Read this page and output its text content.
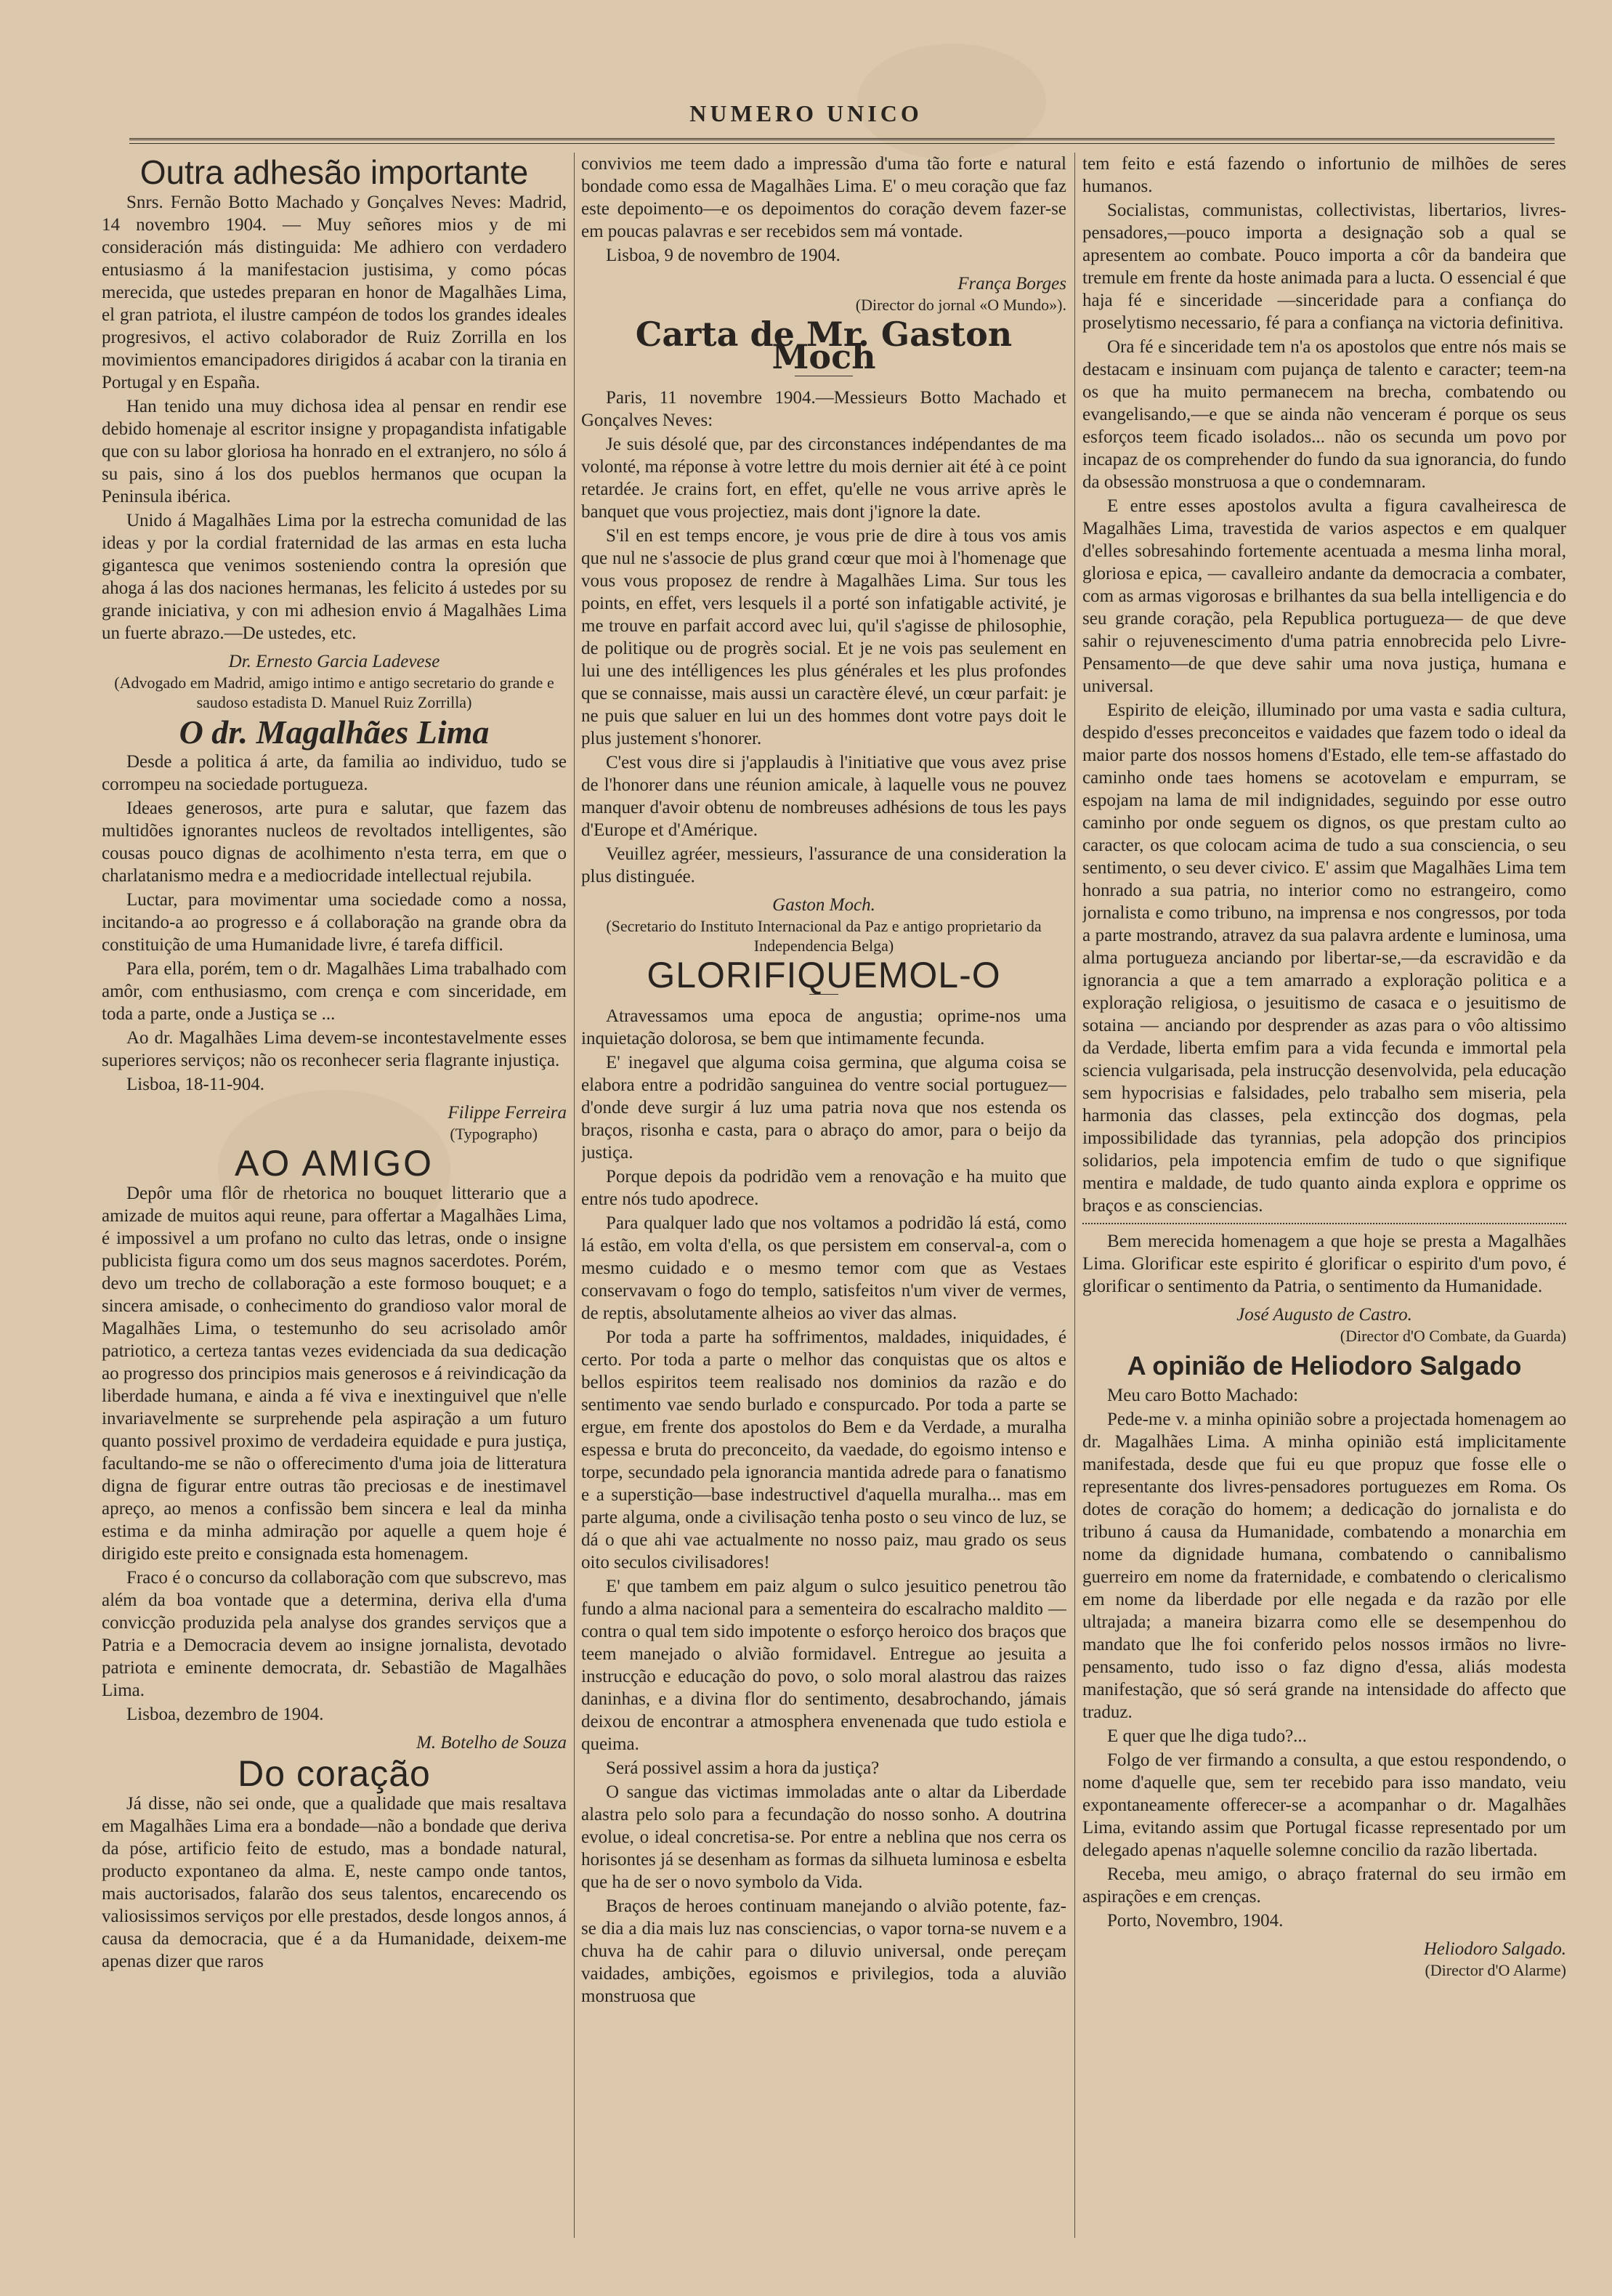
NUMERO UNICO
Outra adhesão importante

Snrs. Fernão Botto Machado y Gonçalves Neves: Madrid, 14 novembro 1904. — Muy señores mios y de mi consideración más distinguida: Me adhiero con verdadero entusiasmo á la manifestacion justisima, y como pócas merecida, que ustedes preparan en honor de Magalhães Lima, el gran patriota, el ilustre campéon de todos los grandes ideales progresivos, el activo colaborador de Ruiz Zorrilla en los movimientos emancipadores dirigidos á acabar con la tirania en Portugal y en España.

Han tenido una muy dichosa idea al pensar en rendir ese debido homenaje al escritor insigne y propagandista infatigable que con su labor gloriosa ha honrado en el extranjero, no sólo á su pais, sino á los dos pueblos hermanos que ocupan la Peninsula ibérica.

Unido á Magalhães Lima por la estrecha comunidad de las ideas y por la cordial fraternidad de las armas en esta lucha gigantesca que venimos sosteniendo contra la opresión que ahoga á las dos naciones hermanas, les felicito á ustedes por su grande iniciativa, y con mi adhesion envio á Magalhães Lima un fuerte abrazo.—De ustedes, etc.

Dr. Ernesto Garcia Ladevese

(Advogado em Madrid, amigo intimo e antigo secretario do grande e saudoso estadista D. Manuel Ruiz Zorrilla)

O dr. Magalhães Lima

Desde a politica á arte, da familia ao individuo, tudo se corrompeu na sociedade portugueza.

Ideaes generosos, arte pura e salutar, que fazem das multidões ignorantes nucleos de revoltados intelligentes, são cousas pouco dignas de acolhimento n'esta terra, em que o charlatanismo medra e a mediocridade intellectual rejubila.

Luctar, para movimentar uma sociedade como a nossa, incitando-a ao progresso e á collaboração na grande obra da constituição de uma Humanidade livre, é tarefa difficil.

Para ella, porém, tem o dr. Magalhães Lima trabalhado com amôr, com enthusiasmo, com crença e com sinceridade, em toda a parte, onde a Justiça se ...

Ao dr. Magalhães Lima devem-se incontestavelmente esses superiores serviços; não os reconhecer seria flagrante injustiça.

Lisboa, 18-11-904.

Filippe Ferreira

(Typographo)

AO AMIGO

Depôr uma flôr de rhetorica no bouquet litterario que a amizade de muitos aqui reune, para offertar a Magalhães Lima, é impossivel a um profano no culto das letras, onde o insigne publicista figura como um dos seus magnos sacerdotes. Porém, devo um trecho de collaboração a este formoso bouquet; e a sincera amisade, o conhecimento do grandioso valor moral de Magalhães Lima, o testemunho do seu acrisolado amôr patriotico, a certeza tantas vezes evidenciada da sua dedicação ao progresso dos principios mais generosos e á reivindicação da liberdade humana, e ainda a fé viva e inextinguivel que n'elle invariavelmente se surprehende pela aspiração a um futuro quanto possivel proximo de verdadeira equidade e pura justiça, facultando-me se não o offerecimento d'uma joia de litteratura digna de figurar entre outras tão preciosas e de inestimavel apreço, ao menos a confissão bem sincera e leal da minha estima e da minha admiração por aquelle a quem hoje é dirigido este preito e consignada esta homenagem.

Fraco é o concurso da collaboração com que subscrevo, mas além da boa vontade que a determina, deriva ella d'uma convicção produzida pela analyse dos grandes serviços que a Patria e a Democracia devem ao insigne jornalista, devotado patriota e eminente democrata, dr. Sebastião de Magalhães Lima.

Lisboa, dezembro de 1904.

M. Botelho de Souza

Do coração

Já disse, não sei onde, que a qualidade que mais resaltava em Magalhães Lima era a bondade—não a bondade que deriva da póse, artificio feito de estudo, mas a bondade natural, producto expontaneo da alma. E, neste campo onde tantos, mais auctorisados, falarão dos seus talentos, encarecendo os valiosissimos serviços por elle prestados, desde longos annos, á causa da democracia, que é a da Humanidade, deixem-me apenas dizer que raros

convivios me teem dado a impressão d'uma tão forte e natural bondade como essa de Magalhães Lima. E' o meu coração que faz este depoimento—e os depoimentos do coração devem fazer-se em poucas palavras e ser recebidos sem má vontade.

Lisboa, 9 de novembro de 1904.

França Borges

(Director do jornal «O Mundo»).

Carta de Mr. Gaston Moch

Paris, 11 novembre 1904.—Messieurs Botto Machado et Gonçalves Neves:

Je suis désolé que, par des circonstances indépendantes de ma volonté, ma réponse à votre lettre du mois dernier ait été à ce point retardée. Je crains fort, en effet, qu'elle ne vous arrive après le banquet que vous projectiez, mais dont j'ignore la date.

S'il en est temps encore, je vous prie de dire à tous vos amis que nul ne s'associe de plus grand cœur que moi à l'homenage que vous vous proposez de rendre à Magalhães Lima. Sur tous les points, en effet, vers lesquels il a porté son infatigable activité, je me trouve en parfait accord avec lui, qu'il s'agisse de philosophie, de politique ou de progrès social. Et je ne vois pas seulement en lui une des intélligences les plus générales et les plus profondes que se connaisse, mais aussi un caractère élevé, un cœur parfait: je ne puis que saluer en lui un des hommes dont votre pays doit le plus justement s'honorer.

C'est vous dire si j'applaudis à l'initiative que vous avez prise de l'honorer dans une réunion amicale, à laquelle vous ne pouvez manquer d'avoir obtenu de nombreuses adhésions de tous les pays d'Europe et d'Amérique.

Veuillez agréer, messieurs, l'assurance de una consideration la plus distinguée.

Gaston Moch.

(Secretario do Instituto Internacional da Paz e antigo proprietario da Independencia Belga)

GLORIFIQUEMOL-O

Atravessamos uma epoca de angustia; oprime-nos uma inquietação dolorosa, se bem que intimamente fecunda.

E' inegavel que alguma coisa germina, que alguma coisa se elabora entre a podridão sanguinea do ventre social portuguez—d'onde deve surgir á luz uma patria nova que nos estenda os braços, risonha e casta, para o abraço do amor, para o beijo da justiça.

Porque depois da podridão vem a renovação e ha muito que entre nós tudo apodrece.

Para qualquer lado que nos voltamos a podridão lá está, como lá estão, em volta d'ella, os que persistem em conserval-a, com o mesmo cuidado e o mesmo temor com que as Vestaes conservavam o fogo do templo, satisfeitos n'um viver de vermes, de reptis, absolutamente alheios ao viver das almas.

Por toda a parte ha soffrimentos, maldades, iniquidades, é certo. Por toda a parte o melhor das conquistas que os altos e bellos espiritos teem realisado nos dominios da razão e do sentimento vae sendo burlado e conspurcado. Por toda a parte se ergue, em frente dos apostolos do Bem e da Verdade, a muralha espessa e bruta do preconceito, da vaedade, do egoismo intenso e torpe, secundado pela ignorancia mantida adrede para o fanatismo e a superstição—base indestructivel d'aquella muralha... mas em parte alguma, onde a civilisação tenha posto o seu vinco de luz, se dá o que ahi vae actualmente no nosso paiz, mau grado os seus oito seculos civilisadores!

E' que tambem em paiz algum o sulco jesuitico penetrou tão fundo a alma nacional para a sementeira do escalracho maldito — contra o qual tem sido impotente o esforço heroico dos braços que teem manejado o alvião formidavel. Entregue ao jesuita a instrucção e educação do povo, o solo moral alastrou das raizes daninhas, e a divina flor do sentimento, desabrochando, jámais deixou de encontrar a atmosphera envenenada que tudo estiola e queima.

Será possivel assim a hora da justiça?

O sangue das victimas immoladas ante o altar da Liberdade alastra pelo solo para a fecundação do nosso sonho. A doutrina evolue, o ideal concretisa-se. Por entre a neblina que nos cerra os horisontes já se desenham as formas da silhueta luminosa e esbelta que ha de ser o novo symbolo da Vida.

Braços de heroes continuam manejando o alvião potente, faz-se dia a dia mais luz nas consciencias, o vapor torna-se nuvem e a chuva ha de cahir para o diluvio universal, onde pereçam vaidades, ambições, egoismos e privilegios, toda a aluvião monstruosa que

tem feito e está fazendo o infortunio de milhões de seres humanos.

Socialistas, communistas, collectivistas, libertarios, livres-pensadores,—pouco importa a designação sob a qual se apresentem ao combate. Pouco importa a côr da bandeira que tremule em frente da hoste animada para a lucta. O essencial é que haja fé e sinceridade —sinceridade para a confiança do proselytismo necessario, fé para a confiança na victoria definitiva.

Ora fé e sinceridade tem n'a os apostolos que entre nós mais se destacam e insinuam com pujança de talento e caracter; teem-na os que ha muito permanecem na brecha, combatendo ou evangelisando,—e que se ainda não venceram é porque os seus esforços teem ficado isolados... não os secunda um povo por incapaz de os comprehender do fundo da sua ignorancia, do fundo da obsessão monstruosa a que o condemnaram.

E entre esses apostolos avulta a figura cavalheiresca de Magalhães Lima, travestida de varios aspectos e em qualquer d'elles sobresahindo fortemente acentuada a mesma linha moral, gloriosa e epica, — cavalleiro andante da democracia a combater, com as armas vigorosas e brilhantes da sua bella intelligencia e do seu grande coração, pela Republica portugueza— de que deve sahir o rejuvenescimento d'uma patria ennobrecida pelo Livre-Pensamento—de que deve sahir uma nova justiça, humana e universal.

Espirito de eleição, illuminado por uma vasta e sadia cultura, despido d'esses preconceitos e vaidades que fazem todo o ideal da maior parte dos nossos homens d'Estado, elle tem-se affastado do caminho onde taes homens se acotovelam e empurram, se espojam na lama de mil indignidades, seguindo por esse outro caminho por onde seguem os dignos, os que prestam culto ao caracter, os que colocam acima de tudo a sua consciencia, o seu sentimento, o seu dever civico. E' assim que Magalhães Lima tem honrado a sua patria, no interior como no estrangeiro, como jornalista e como tribuno, na imprensa e nos congressos, por toda a parte mostrando, atravez da sua palavra ardente e luminosa, uma alma portugueza anciando por libertar-se,—da escravidão e da ignorancia a que a tem amarrado a exploração politica e a exploração religiosa, o jesuitismo de casaca e o jesuitismo de sotaina — anciando por desprender as azas para o vôo altissimo da Verdade, liberta emfim para a vida fecunda e immortal pela sciencia vulgarisada, pela instrucção desenvolvida, pela educação sem hypocrisias e falsidades, pelo trabalho sem miseria, pela harmonia das classes, pela extincção dos dogmas, pela impossibilidade das tyrannias, pela adopção dos principios solidarios, pela impotencia emfim de tudo o que signifique mentira e maldade, de tudo quanto ainda explora e opprime os braços e as consciencias.

Bem merecida homenagem a que hoje se presta a Magalhães Lima. Glorificar este espirito é glorificar o espirito d'um povo, é glorificar o sentimento da Patria, o sentimento da Humanidade.

José Augusto de Castro.

(Director d'O Combate, da Guarda)

A opinião de Heliodoro Salgado

Meu caro Botto Machado:

Pede-me v. a minha opinião sobre a projectada homenagem ao dr. Magalhães Lima. A minha opinião está implicitamente manifestada, desde que fui eu que propuz que fosse elle o representante dos livres-pensadores portuguezes em Roma. Os dotes de coração do homem; a dedicação do jornalista e do tribuno á causa da Humanidade, combatendo a monarchia em nome da dignidade humana, combatendo o cannibalismo guerreiro em nome da fraternidade, e combatendo o clericalismo em nome da liberdade por elle negada e da razão por elle ultrajada; a maneira bizarra como elle se desempenhou do mandato que lhe foi conferido pelos nossos irmãos no livre-pensamento, tudo isso o faz digno d'essa, aliás modesta manifestação, que só será grande na intensidade do affecto que traduz.

E quer que lhe diga tudo?...

Folgo de ver firmando a consulta, a que estou respondendo, o nome d'aquelle que, sem ter recebido para isso mandato, veiu expontaneamente offerecer-se a acompanhar o dr. Magalhães Lima, evitando assim que Portugal ficasse representado por um delegado apenas n'aquelle solemne concilio da razão libertada.

Receba, meu amigo, o abraço fraternal do seu irmão em aspirações e em crenças.

Porto, Novembro, 1904.

Heliodoro Salgado.

(Director d'O Alarme)
